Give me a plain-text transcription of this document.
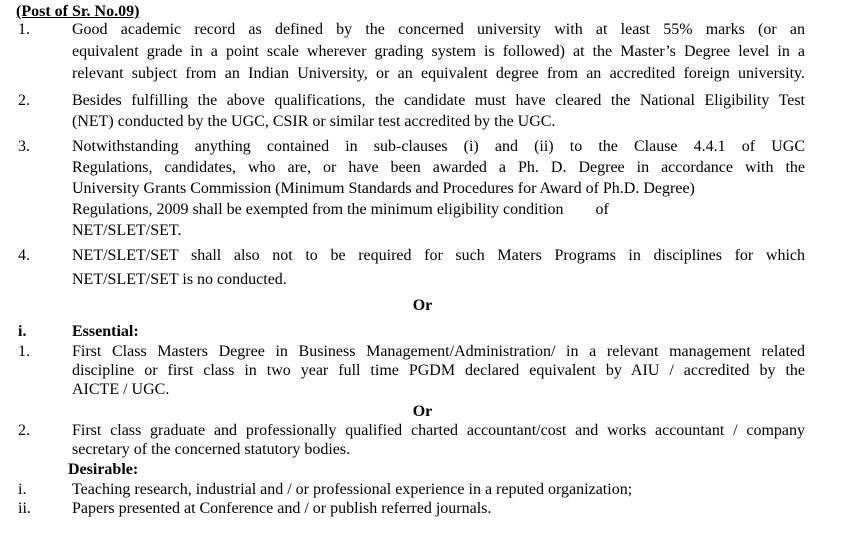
(Post of Sr. No.09)
1.	Good academic record as defined by the concerned university with at least 55% marks (or an
equivalent grade in a point scale wherever grading system is followed) at the Master’s Degree level in a
relevant subject from an Indian University, or an equivalent degree from an accredited foreign university.
2.	Besides fulfilling the above qualifications, the candidate must have cleared the National Eligibility Test
(NET) conducted by the UGC, CSIR or similar test accredited by the UGC.
3.	Notwithstanding anything contained in sub-clauses (i) and (ii) to the Clause 4.4.1 of UGC
Regulations, candidates, who are, or have been awarded a Ph. D. Degree in accordance with the
University Grants Commission (Minimum Standards and Procedures for Award of Ph.D. Degree)
Regulations, 2009 shall be exempted from the minimum eligibility condition        of
NET/SLET/SET.
4.	NET/SLET/SET shall also not to be required for such Maters Programs in disciplines for which
NET/SLET/SET is no conducted.
Or
i.	Essential:
1.	First Class Masters Degree in Business Management/Administration/ in a relevant management related
discipline or first class in two year full time PGDM declared equivalent by AIU / accredited by the
AICTE / UGC.
Or
2.	First class graduate and professionally qualified charted accountant/cost and works accountant / company
secretary of the concerned statutory bodies.
Desirable:
i.	Teaching research, industrial and / or professional experience in a reputed organization;
ii.	Papers presented at Conference and / or publish referred journals.
